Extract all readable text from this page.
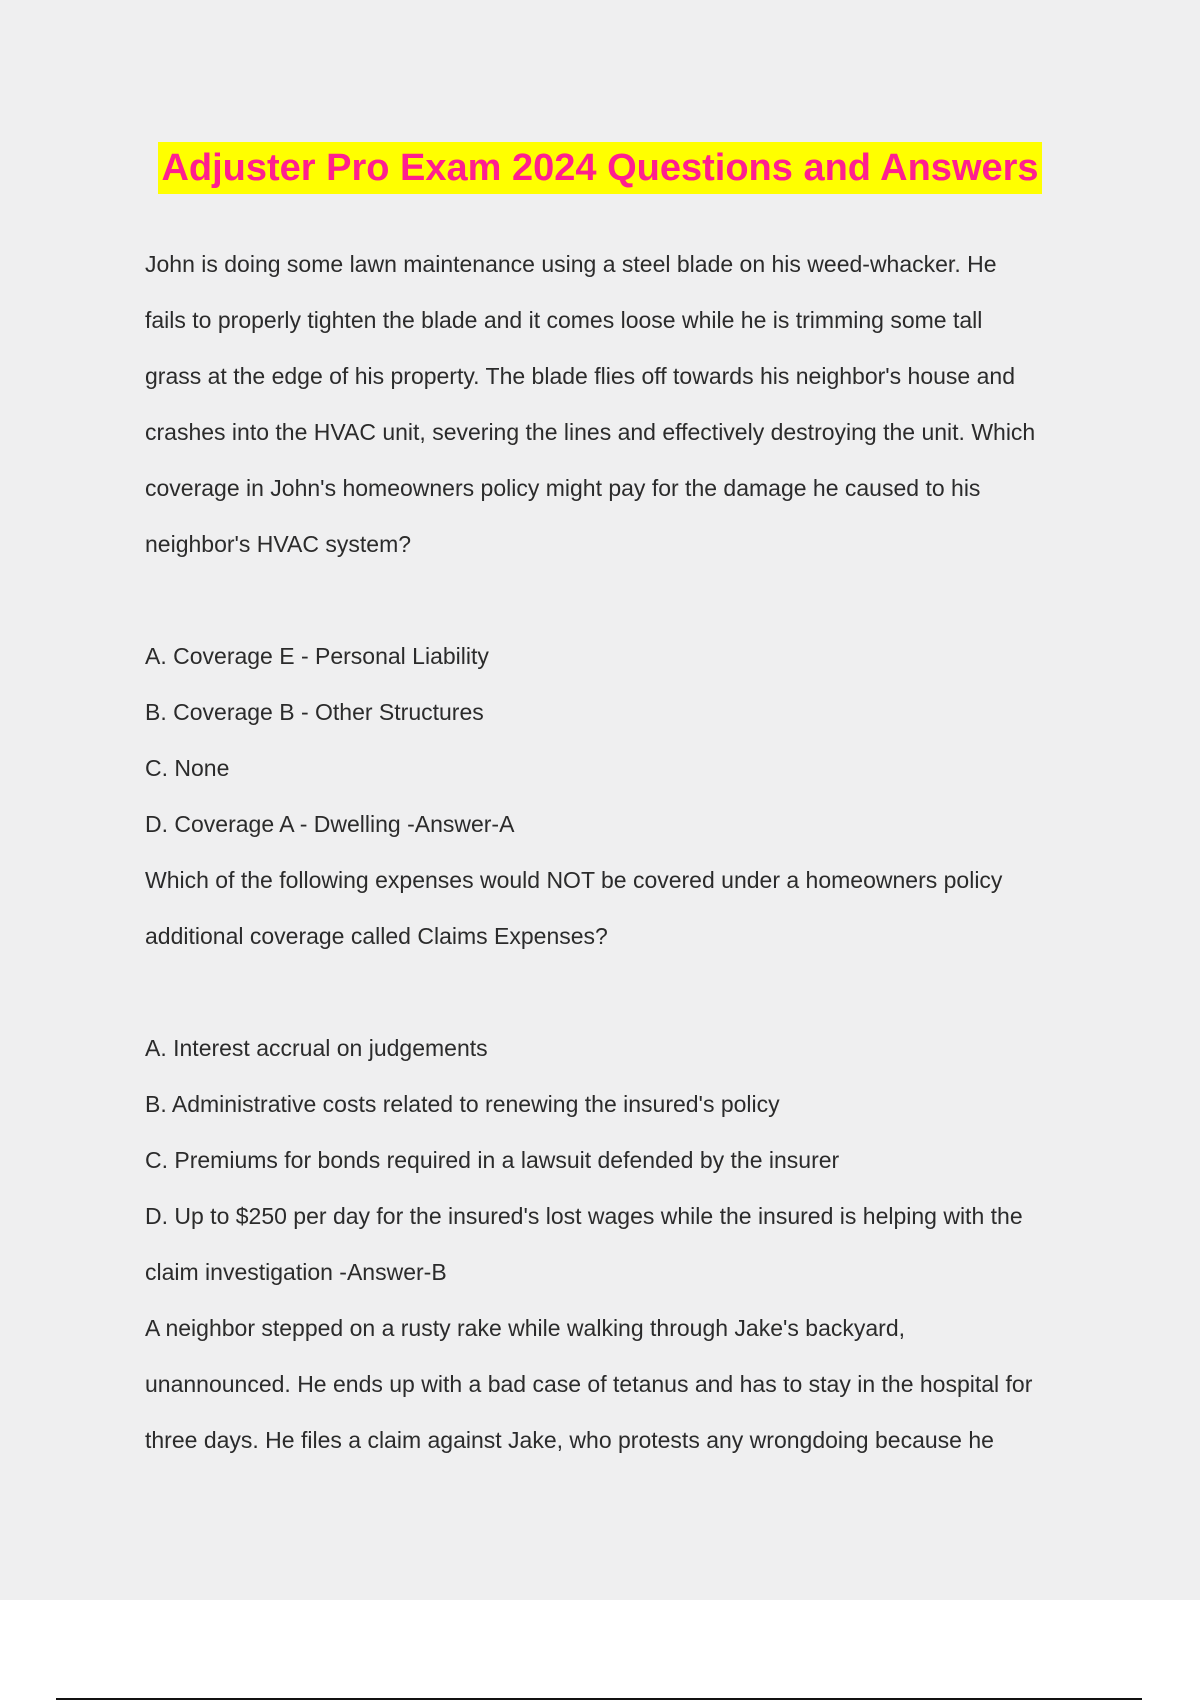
Adjuster Pro Exam 2024 Questions and Answers
John is doing some lawn maintenance using a steel blade on his weed-whacker. He
fails to properly tighten the blade and it comes loose while he is trimming some tall
grass at the edge of his property. The blade flies off towards his neighbor's house and
crashes into the HVAC unit, severing the lines and effectively destroying the unit. Which
coverage in John's homeowners policy might pay for the damage he caused to his
neighbor's HVAC system?
A. Coverage E - Personal Liability
B. Coverage B - Other Structures
C. None
D. Coverage A - Dwelling -Answer-A
Which of the following expenses would NOT be covered under a homeowners policy
additional coverage called Claims Expenses?
A. Interest accrual on judgements
B. Administrative costs related to renewing the insured's policy
C. Premiums for bonds required in a lawsuit defended by the insurer
D. Up to $250 per day for the insured's lost wages while the insured is helping with the
claim investigation -Answer-B
A neighbor stepped on a rusty rake while walking through Jake's backyard,
unannounced. He ends up with a bad case of tetanus and has to stay in the hospital for
three days. He files a claim against Jake, who protests any wrongdoing because he
